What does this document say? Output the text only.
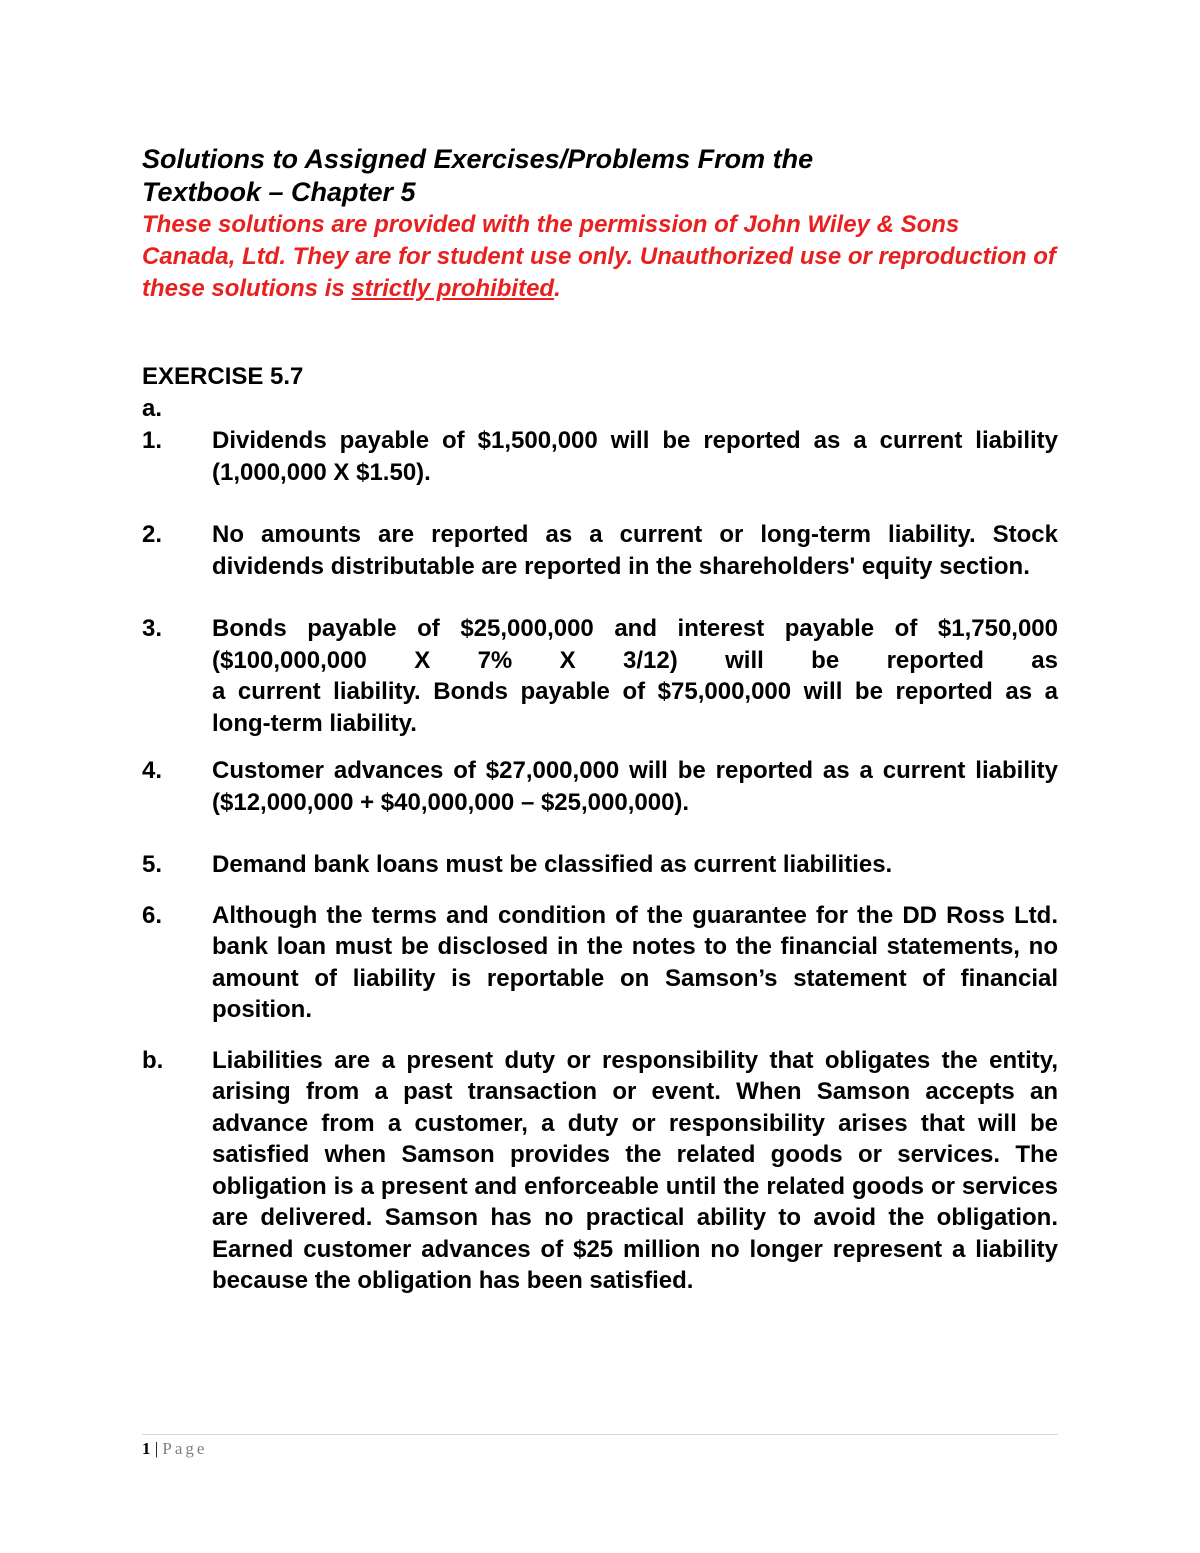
Solutions to Assigned Exercises/Problems From the
Textbook – Chapter 5

These solutions are provided with the permission of John Wiley & Sons Canada, Ltd. They are for student use only. Unauthorized use or reproduction of these solutions is strictly prohibited.

EXERCISE 5.7

a.
1.	Dividends payable of $1,500,000 will be reported as a current liability (1,000,000 X $1.50).
2.	No amounts are reported as a current or long-term liability. Stock dividends distributable are reported in the shareholders' equity section.
3.	Bonds payable of $25,000,000 and interest payable of $1,750,000 ($100,000,000 X 7% X 3/12) will be reported as
a current liability. Bonds payable of $75,000,000 will be reported as a long-term liability.
4.	Customer advances of $27,000,000 will be reported as a current liability ($12,000,000 + $40,000,000 – $25,000,000).
5.	Demand bank loans must be classified as current liabilities.
6.	Although the terms and condition of the guarantee for the DD Ross Ltd. bank loan must be disclosed in the notes to the financial statements, no amount of liability is reportable on Samson’s statement of financial position.
b.	Liabilities are a present duty or responsibility that obligates the entity, arising from a past transaction or event. When Samson accepts an advance from a customer, a duty or responsibility arises that will be satisfied when Samson provides the related goods or services. The obligation is a present and enforceable until the related goods or services are delivered. Samson has no practical ability to avoid the obligation. Earned customer advances of $25 million no longer represent a liability because the obligation has been satisfied.
1 | Page
